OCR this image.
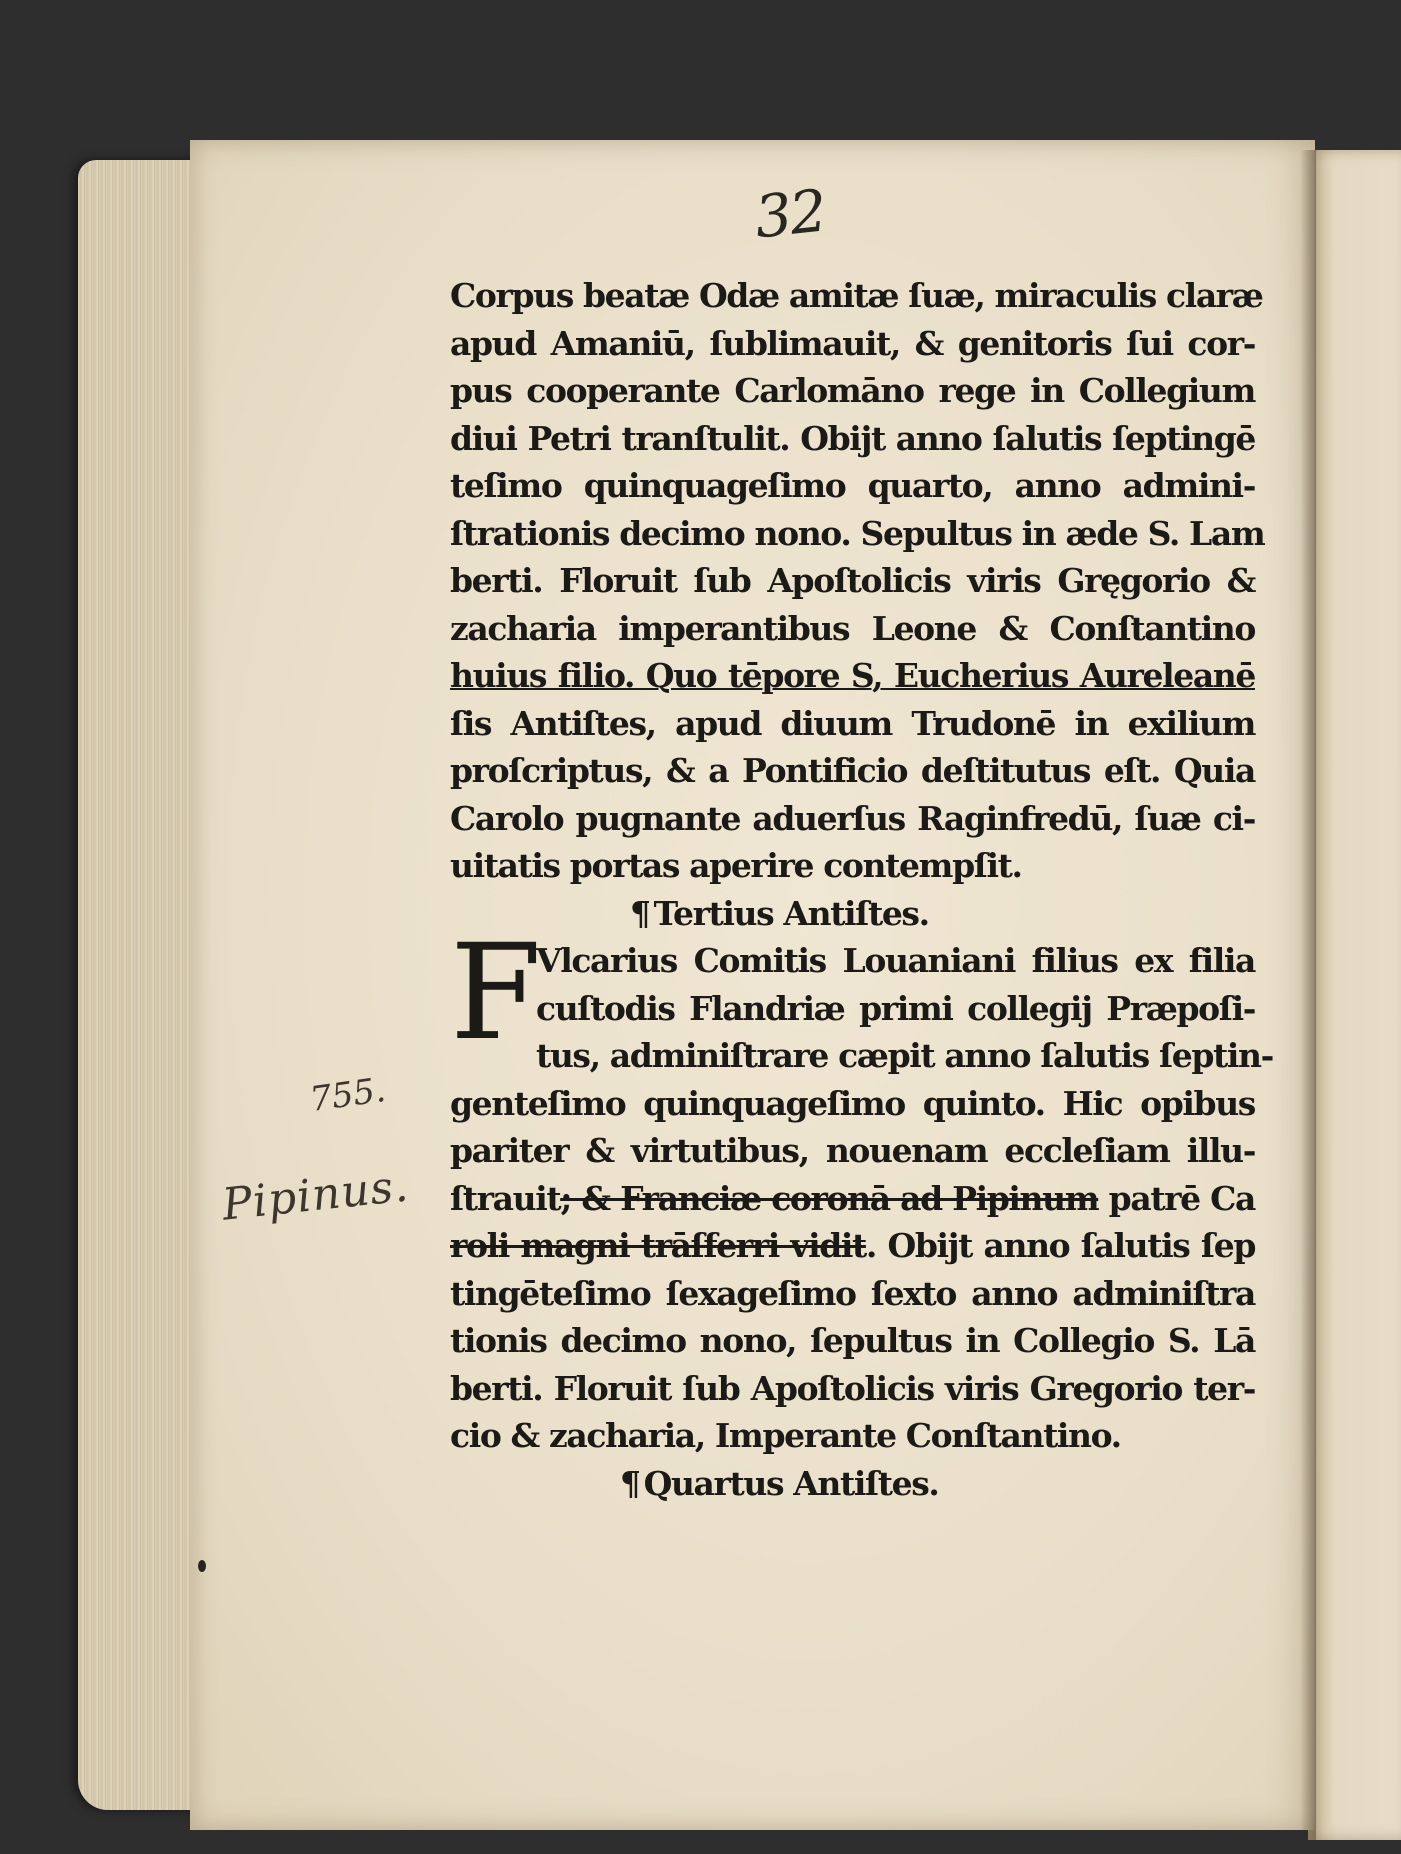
32
Corpus beatæ Odæ amitæ ſuæ, miraculis claræ
apud Amaniū, ſublimauit, & genitoris ſui cor-
pus cooperante Carlomāno rege in Collegium
diui Petri tranſtulit. Obijt anno ſalutis ſeptingē
teſimo quinquageſimo quarto, anno admini-
ſtrationis decimo nono. Sepultus in æde S. Lam
berti. Floruit ſub Apoſtolicis viris Gręgorio &
zacharia imperantibus Leone & Conſtantino
huius filio. Quo tēpore S, Eucherius Aureleanē
ſis Antiſtes, apud diuum Trudonē in exilium
proſcriptus, & a Pontificio deſtitutus eſt. Quia
Carolo pugnante aduerſus Raginfredū, ſuæ ci-
uitatis portas aperire contempſit.
¶ Tertius Antiſtes.
F
Vlcarius Comitis Louaniani filius ex filia
cuſtodis Flandriæ primi collegij Præpoſi-
tus, adminiſtrare cæpit anno ſalutis ſeptin-
genteſimo quinquageſimo quinto. Hic opibus
pariter & virtutibus, nouenam eccleſiam illu-
ſtrauit; & Franciæ coronā ad Pipinum patrē Ca
roli magni trāſferri vidit. Obijt anno ſalutis ſep
tingēteſimo ſexageſimo ſexto anno adminiſtra
tionis decimo nono, ſepultus in Collegio S. Lā
berti. Floruit ſub Apoſtolicis viris Gregorio ter-
cio & zacharia, Imperante Conſtantino.
¶ Quartus Antiſtes.
755.
Pipinus.
